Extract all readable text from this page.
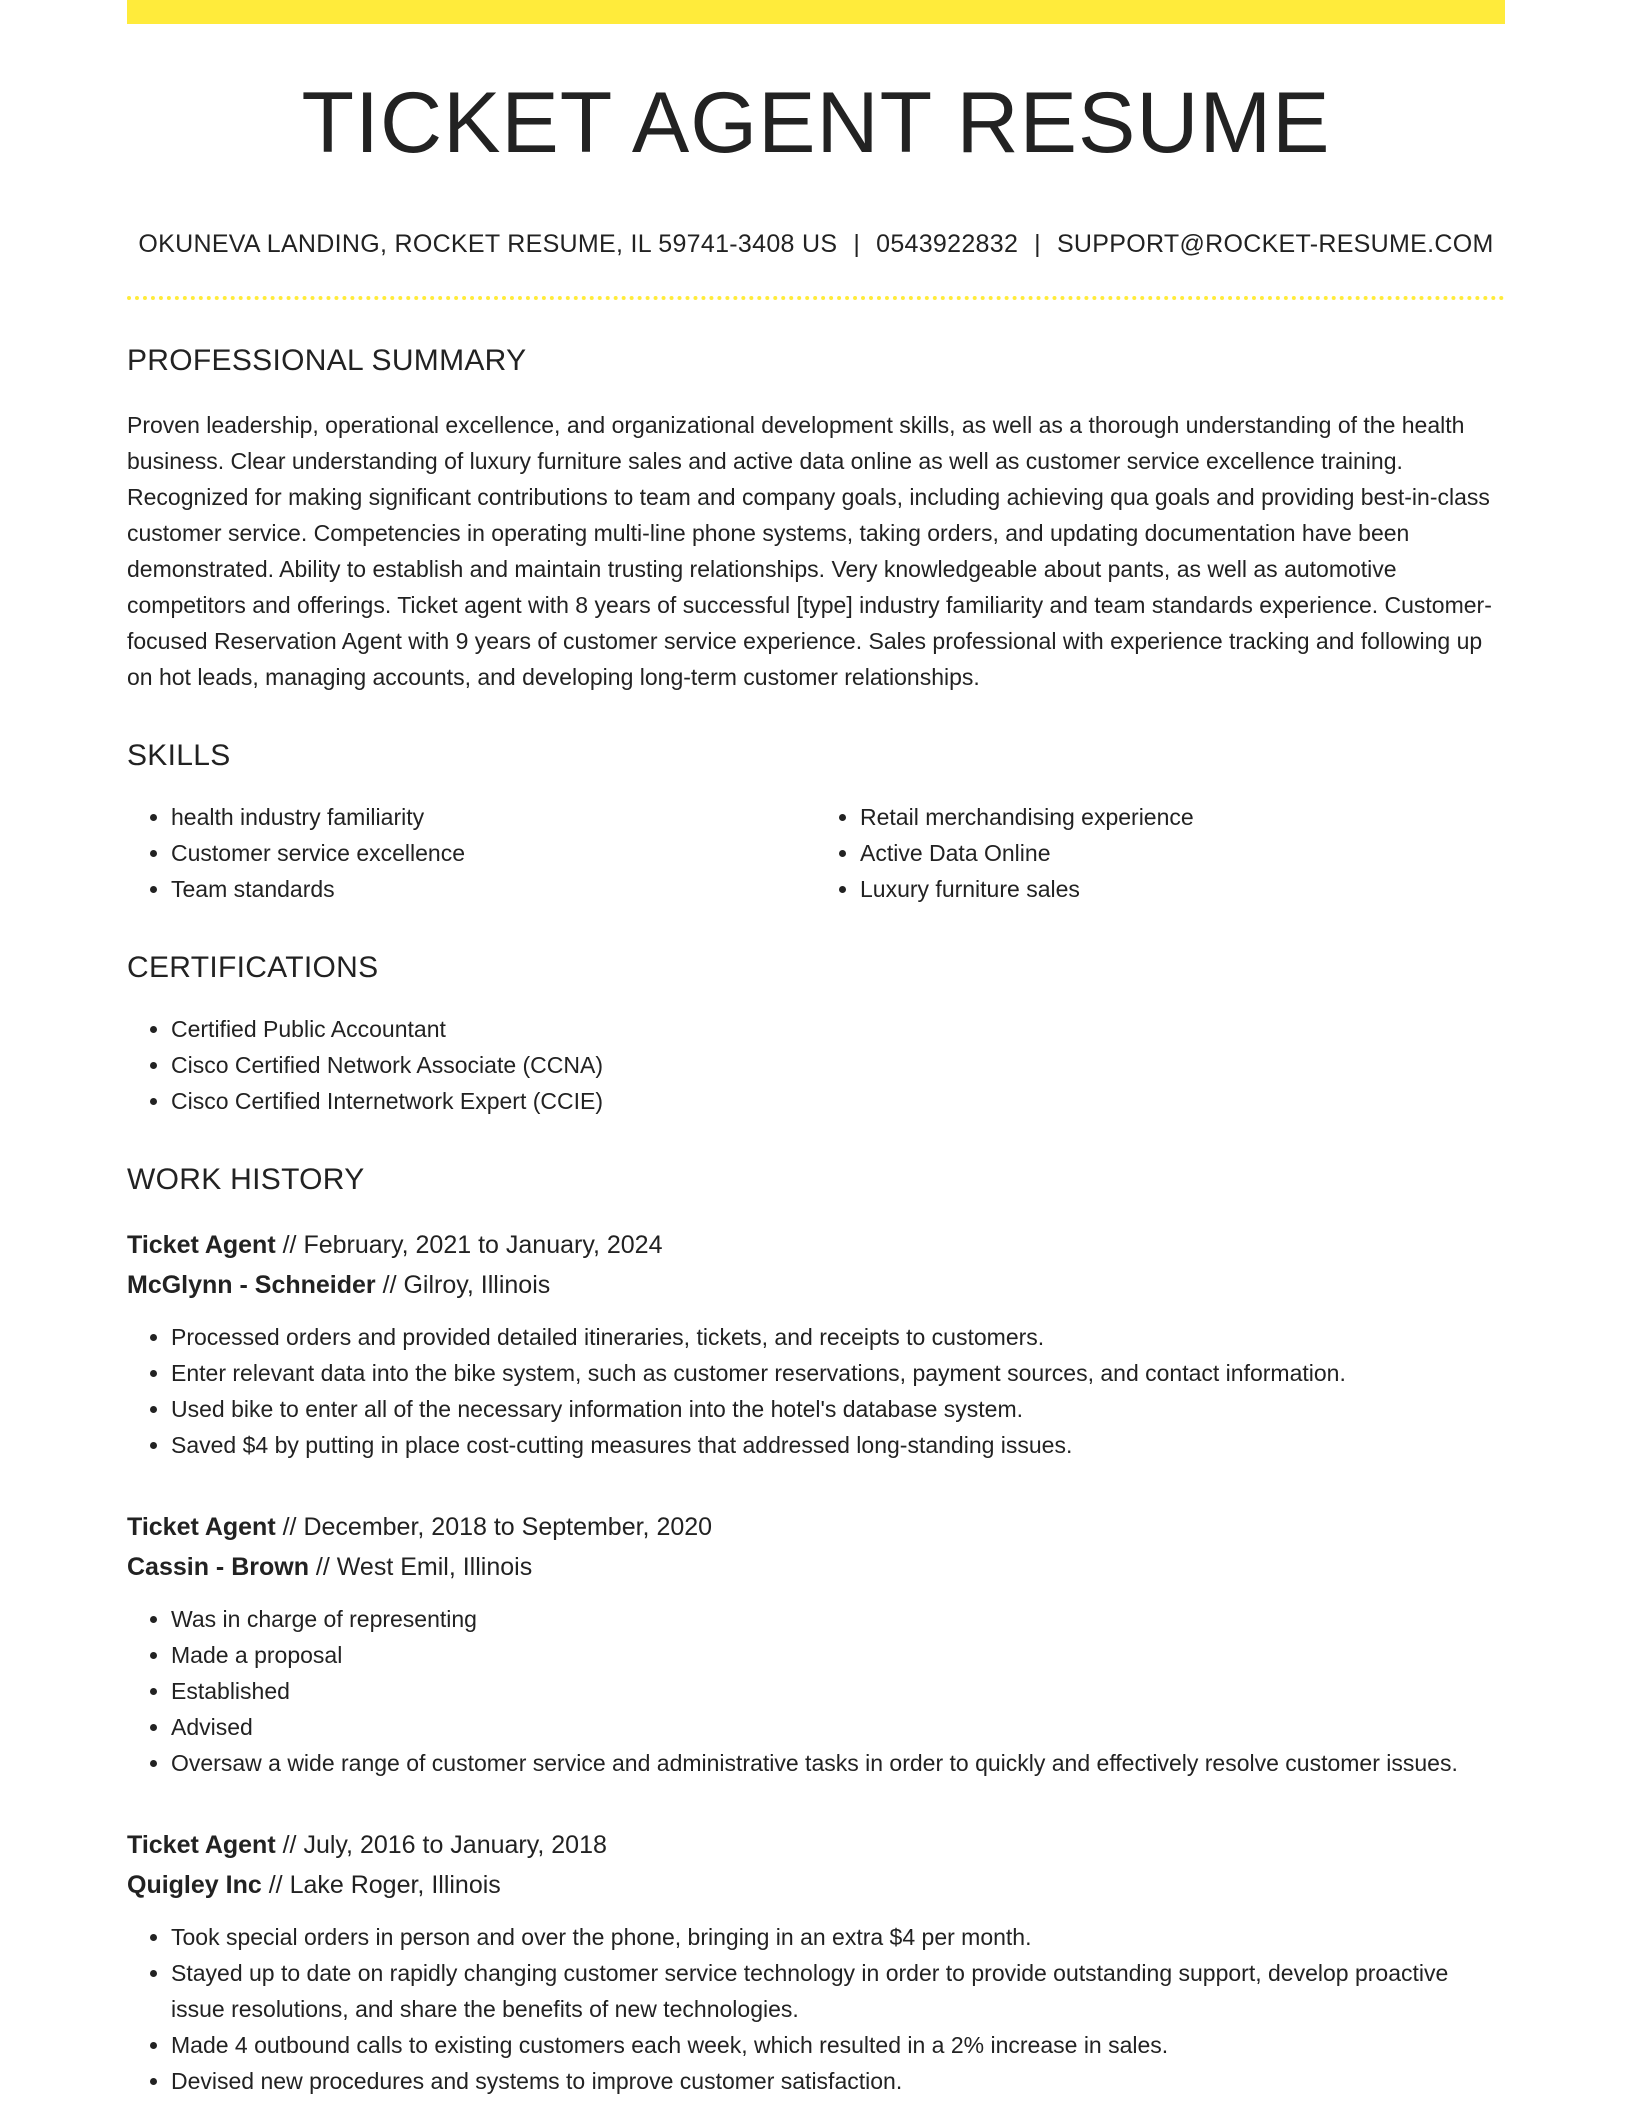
TICKET AGENT RESUME
OKUNEVA LANDING, ROCKET RESUME, IL 59741-3408 US | 0543922832 | SUPPORT@ROCKET-RESUME.COM
PROFESSIONAL SUMMARY

Proven leadership, operational excellence, and organizational development skills, as well as a thorough understanding of the health business. Clear understanding of luxury furniture sales and active data online as well as customer service excellence training. Recognized for making significant contributions to team and company goals, including achieving qua goals and providing best-in-class customer service. Competencies in operating multi-line phone systems, taking orders, and updating documentation have been demonstrated. Ability to establish and maintain trusting relationships. Very knowledgeable about pants, as well as automotive competitors and offerings. Ticket agent with 8 years of successful [type] industry familiarity and team standards experience. Customer-focused Reservation Agent with 9 years of customer service experience. Sales professional with experience tracking and following up on hot leads, managing accounts, and developing long-term customer relationships.

SKILLS
• health industry familiarity
• Customer service excellence
• Team standards
• Retail merchandising experience
• Active Data Online
• Luxury furniture sales
CERTIFICATIONS
• Certified Public Accountant
• Cisco Certified Network Associate (CCNA)
• Cisco Certified Internetwork Expert (CCIE)
WORK HISTORY
Ticket Agent // February, 2021 to January, 2024
McGlynn - Schneider // Gilroy, Illinois
• Processed orders and provided detailed itineraries, tickets, and receipts to customers.
• Enter relevant data into the bike system, such as customer reservations, payment sources, and contact information.
• Used bike to enter all of the necessary information into the hotel's database system.
• Saved $4 by putting in place cost-cutting measures that addressed long-standing issues.
Ticket Agent // December, 2018 to September, 2020
Cassin - Brown // West Emil, Illinois
• Was in charge of representing
• Made a proposal
• Established
• Advised
• Oversaw a wide range of customer service and administrative tasks in order to quickly and effectively resolve customer issues.
Ticket Agent // July, 2016 to January, 2018
Quigley Inc // Lake Roger, Illinois
• Took special orders in person and over the phone, bringing in an extra $4 per month.
• Stayed up to date on rapidly changing customer service technology in order to provide outstanding support, develop proactive issue resolutions, and share the benefits of new technologies.
• Made 4 outbound calls to existing customers each week, which resulted in a 2% increase in sales.
• Devised new procedures and systems to improve customer satisfaction.
